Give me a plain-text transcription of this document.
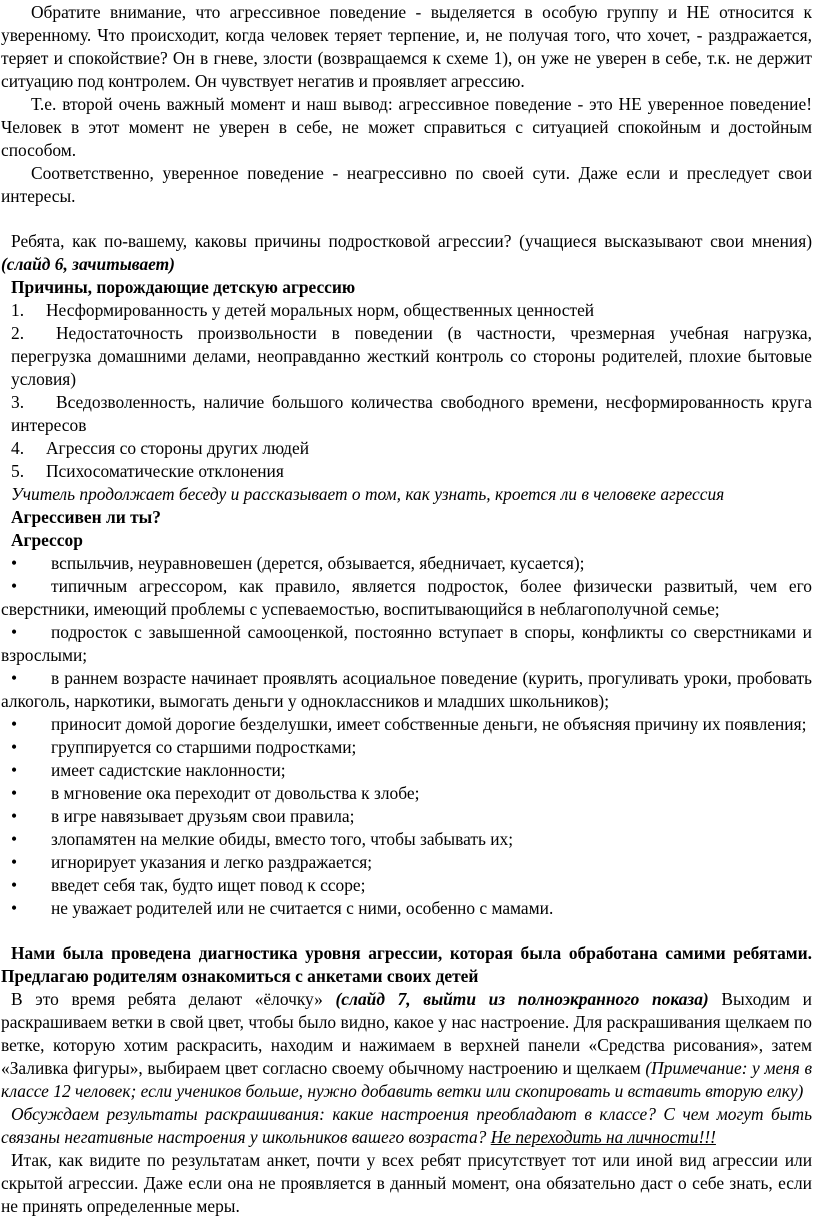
Обратите внимание, что агрессивное поведение - выделяется в особую группу и НЕ относится к уверенному. Что происходит, когда человек теряет терпение, и, не получая того, что хочет, - раздражается, теряет и спокойствие? Он в гневе, злости (возвращаемся к схеме 1), он уже не уверен в себе, т.к. не держит ситуацию под контролем. Он чувствует негатив и проявляет агрессию.

Т.е. второй очень важный момент и наш вывод: агрессивное поведение - это НЕ уверенное поведение! Человек в этот момент не уверен в себе, не может справиться с ситуацией спокойным и достойным способом.

Соответственно, уверенное поведение - неагрессивно по своей сути. Даже если и преследует свои интересы.

Ребята, как по-вашему, каковы причины подростковой агрессии? (учащиеся высказывают свои мнения) (слайд 6, зачитывает)

Причины, порождающие детскую агрессию

1.	Несформированность у детей моральных норм, общественных ценностей

2. Недостаточность произвольности в поведении (в частности, чрезмерная учебная нагрузка, перегрузка домашними делами, неоправданно жесткий контроль со стороны родителей, плохие бытовые условия)

3. Вседозволенность, наличие большого количества свободного времени, несформированность круга интересов

4.	Агрессия со стороны других людей
5.	Психосоматические отклонения

Учитель продолжает беседу и рассказывает о том, как узнать, кроется ли в человеке агрессия

Агрессивен ли ты?

Агрессор

• вспыльчив, неуравновешен (дерется, обзывается, ябедничает, кусается);

• типичным агрессором, как правило, является подросток, более физически развитый, чем его сверстники, имеющий проблемы с успеваемостью, воспитывающийся в неблагополучной семье;

• подросток с завышенной самооценкой, постоянно вступает в споры, конфликты со сверстниками и взрослыми;

• в раннем возрасте начинает проявлять асоциальное поведение (курить, прогуливать уроки, пробовать алкоголь, наркотики, вымогать деньги у одноклассников и младших школьников);

• приносит домой дорогие безделушки, имеет собственные деньги, не объясняя причину их появления;

• группируется со старшими подростками;

• имеет садистские наклонности;

• в мгновение ока переходит от довольства к злобе;

• в игре навязывает друзьям свои правила;

• злопамятен на мелкие обиды, вместо того, чтобы забывать их;

• игнорирует указания и легко раздражается;

• введет себя так, будто ищет повод к ссоре;

• не уважает родителей или не считается с ними, особенно с мамами.

Нами была проведена диагностика уровня агрессии, которая была обработана самими ребятами. Предлагаю родителям ознакомиться с анкетами своих детей

В это время ребята делают «ёлочку» (слайд 7, выйти из полноэкранного показа) Выходим и раскрашиваем ветки в свой цвет, чтобы было видно, какое у нас настроение. Для раскрашивания щелкаем по ветке, которую хотим раскрасить, находим и нажимаем в верхней панели «Средства рисования», затем «Заливка фигуры», выбираем цвет согласно своему обычному настроению и щелкаем (Примечание: у меня в классе 12 человек; если учеников больше, нужно добавить ветки или скопировать и вставить вторую елку)

Обсуждаем результаты раскрашивания: какие настроения преобладают в классе? С чем могут быть связаны негативные настроения у школьников вашего возраста? Не переходить на личности!!!

Итак, как видите по результатам анкет, почти у всех ребят присутствует тот или иной вид агрессии или скрытой агрессии. Даже если она не проявляется в данный момент, она обязательно даст о себе знать, если не принять определенные меры.
